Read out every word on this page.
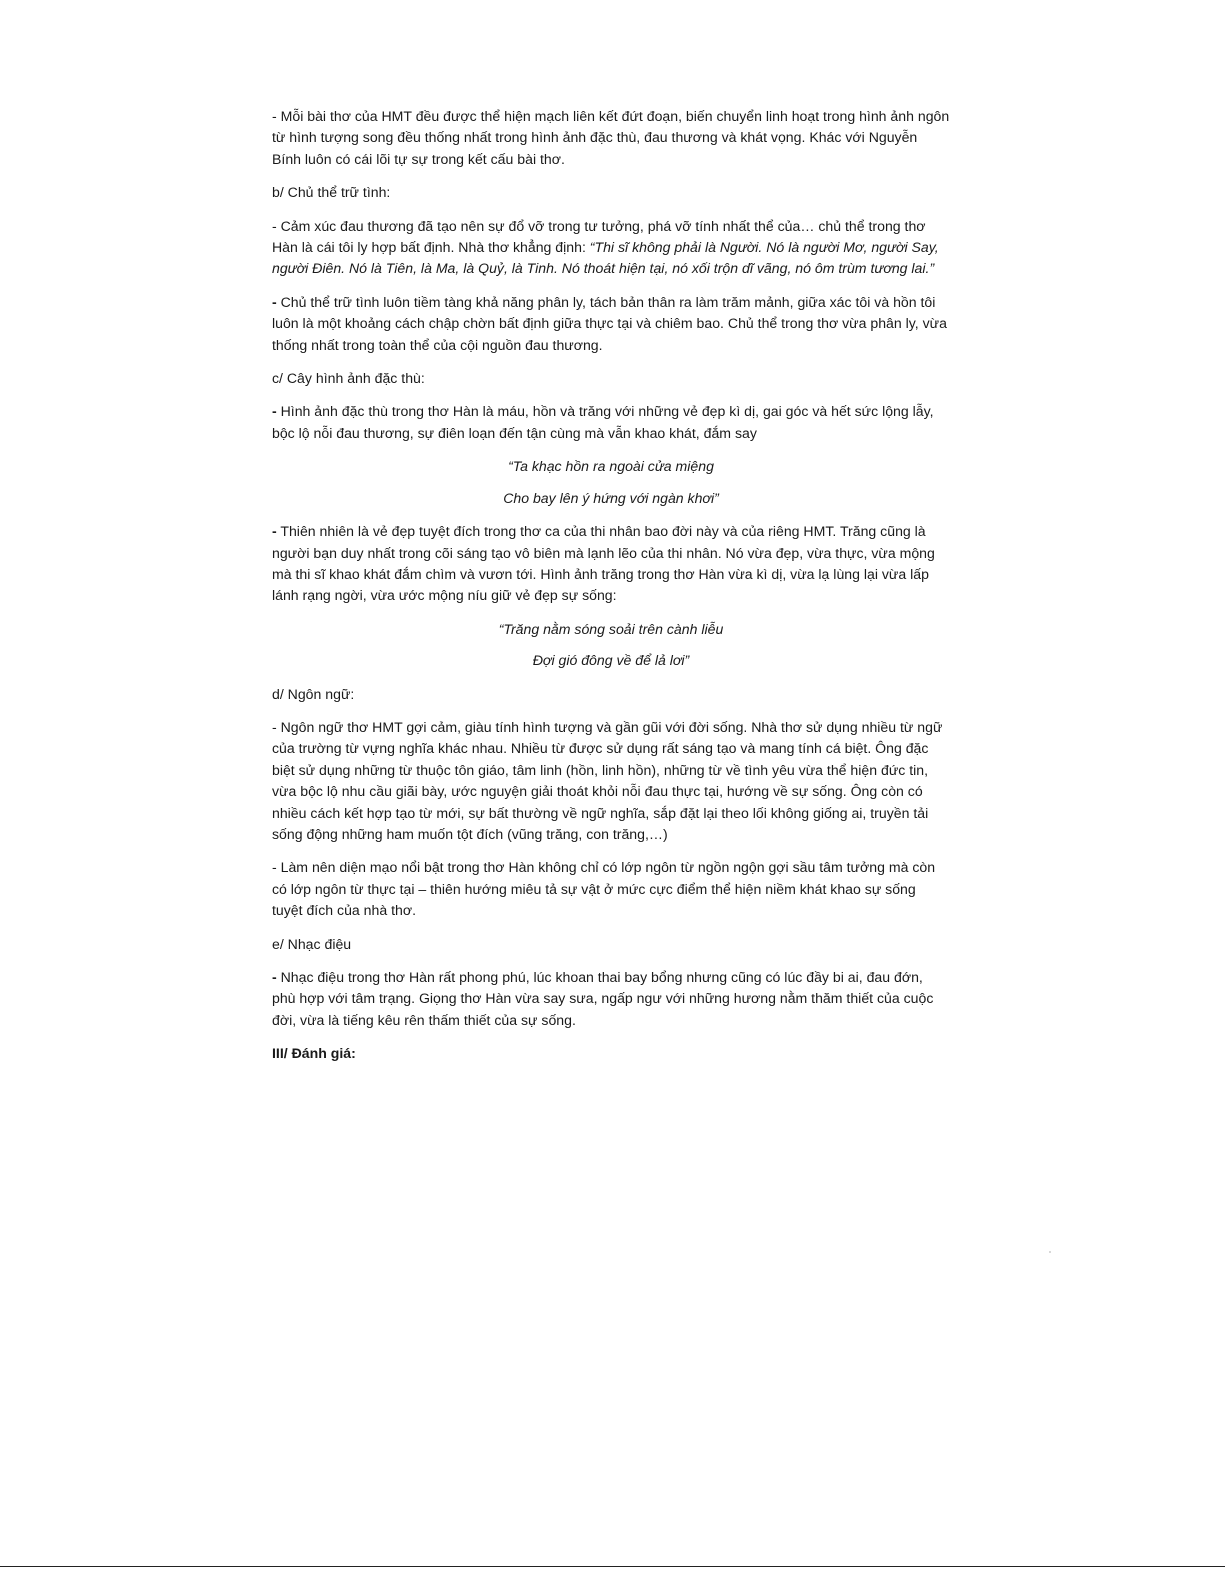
- Mỗi bài thơ của HMT đều được thể hiện mạch liên kết đứt đoạn, biến chuyển linh hoạt trong hình ảnh ngôn từ hình tượng song đều thống nhất trong hình ảnh đặc thù, đau thương và khát vọng. Khác với Nguyễn Bính luôn có cái lõi tự sự trong kết cấu bài thơ.

b/ Chủ thể trữ tình:

- Cảm xúc đau thương đã tạo nên sự đổ vỡ trong tư tưởng, phá vỡ tính nhất thể của… chủ thể trong thơ Hàn là cái tôi ly hợp bất định. Nhà thơ khẳng định: “Thi sĩ không phải là Người. Nó là người Mơ, người Say, người Điên. Nó là Tiên, là Ma, là Quỷ, là Tinh. Nó thoát hiện tại, nó xối trộn dĩ vãng, nó ôm trùm tương lai.”

- Chủ thể trữ tình luôn tiềm tàng khả năng phân ly, tách bản thân ra làm trăm mảnh, giữa xác tôi và hồn tôi luôn là một khoảng cách chập chờn bất định giữa thực tại và chiêm bao. Chủ thể trong thơ vừa phân ly, vừa thống nhất trong toàn thể của cội nguồn đau thương.

c/ Cây hình ảnh đặc thù:

- Hình ảnh đặc thù trong thơ Hàn là máu, hồn và trăng với những vẻ đẹp kì dị, gai góc và hết sức lộng lẫy, bộc lộ nỗi đau thương, sự điên loạn đến tận cùng mà vẫn khao khát, đắm say

“Ta khạc hồn ra ngoài cửa miệng

Cho bay lên ý hứng với ngàn khơi”

- Thiên nhiên là vẻ đẹp tuyệt đích trong thơ ca của thi nhân bao đời này và của riêng HMT. Trăng cũng là người bạn duy nhất trong cõi sáng tạo vô biên mà lạnh lẽo của thi nhân. Nó vừa đẹp, vừa thực, vừa mộng mà thi sĩ khao khát đắm chìm và vươn tới. Hình ảnh trăng trong thơ Hàn vừa kì dị, vừa lạ lùng lại vừa lấp lánh rạng ngời, vừa ước mộng níu giữ vẻ đẹp sự sống:

“Trăng nằm sóng soải trên cành liễu

Đợi gió đông về để lả lơi”

d/ Ngôn ngữ:

- Ngôn ngữ thơ HMT gợi cảm, giàu tính hình tượng và gần gũi với đời sống. Nhà thơ sử dụng nhiều từ ngữ của trường từ vựng nghĩa khác nhau. Nhiều từ được sử dụng rất sáng tạo và mang tính cá biệt. Ông đặc biệt sử dụng những từ thuộc tôn giáo, tâm linh (hồn, linh hồn), những từ về tình yêu vừa thể hiện đức tin, vừa bộc lộ nhu cầu giãi bày, ước nguyện giải thoát khỏi nỗi đau thực tại, hướng về sự sống. Ông còn có nhiều cách kết hợp tạo từ mới, sự bất thường về ngữ nghĩa, sắp đặt lại theo lối không giống ai, truyền tải sống động những ham muốn tột đích (vũng trăng, con trăng,…)

- Làm nên diện mạo nổi bật trong thơ Hàn không chỉ có lớp ngôn từ ngồn ngộn gợi sầu tâm tưởng mà còn có lớp ngôn từ thực tại – thiên hướng miêu tả sự vật ở mức cực điểm thể hiện niềm khát khao sự sống tuyệt đích của nhà thơ.

e/ Nhạc điệu

- Nhạc điệu trong thơ Hàn rất phong phú, lúc khoan thai bay bổng nhưng cũng có lúc đầy bi ai, đau đớn, phù hợp với tâm trạng. Giọng thơ Hàn vừa say sưa, ngấp ngư với những hương nằm thăm thiết của cuộc đời, vừa là tiếng kêu rên thấm thiết của sự sống.

III/ Đánh giá:
